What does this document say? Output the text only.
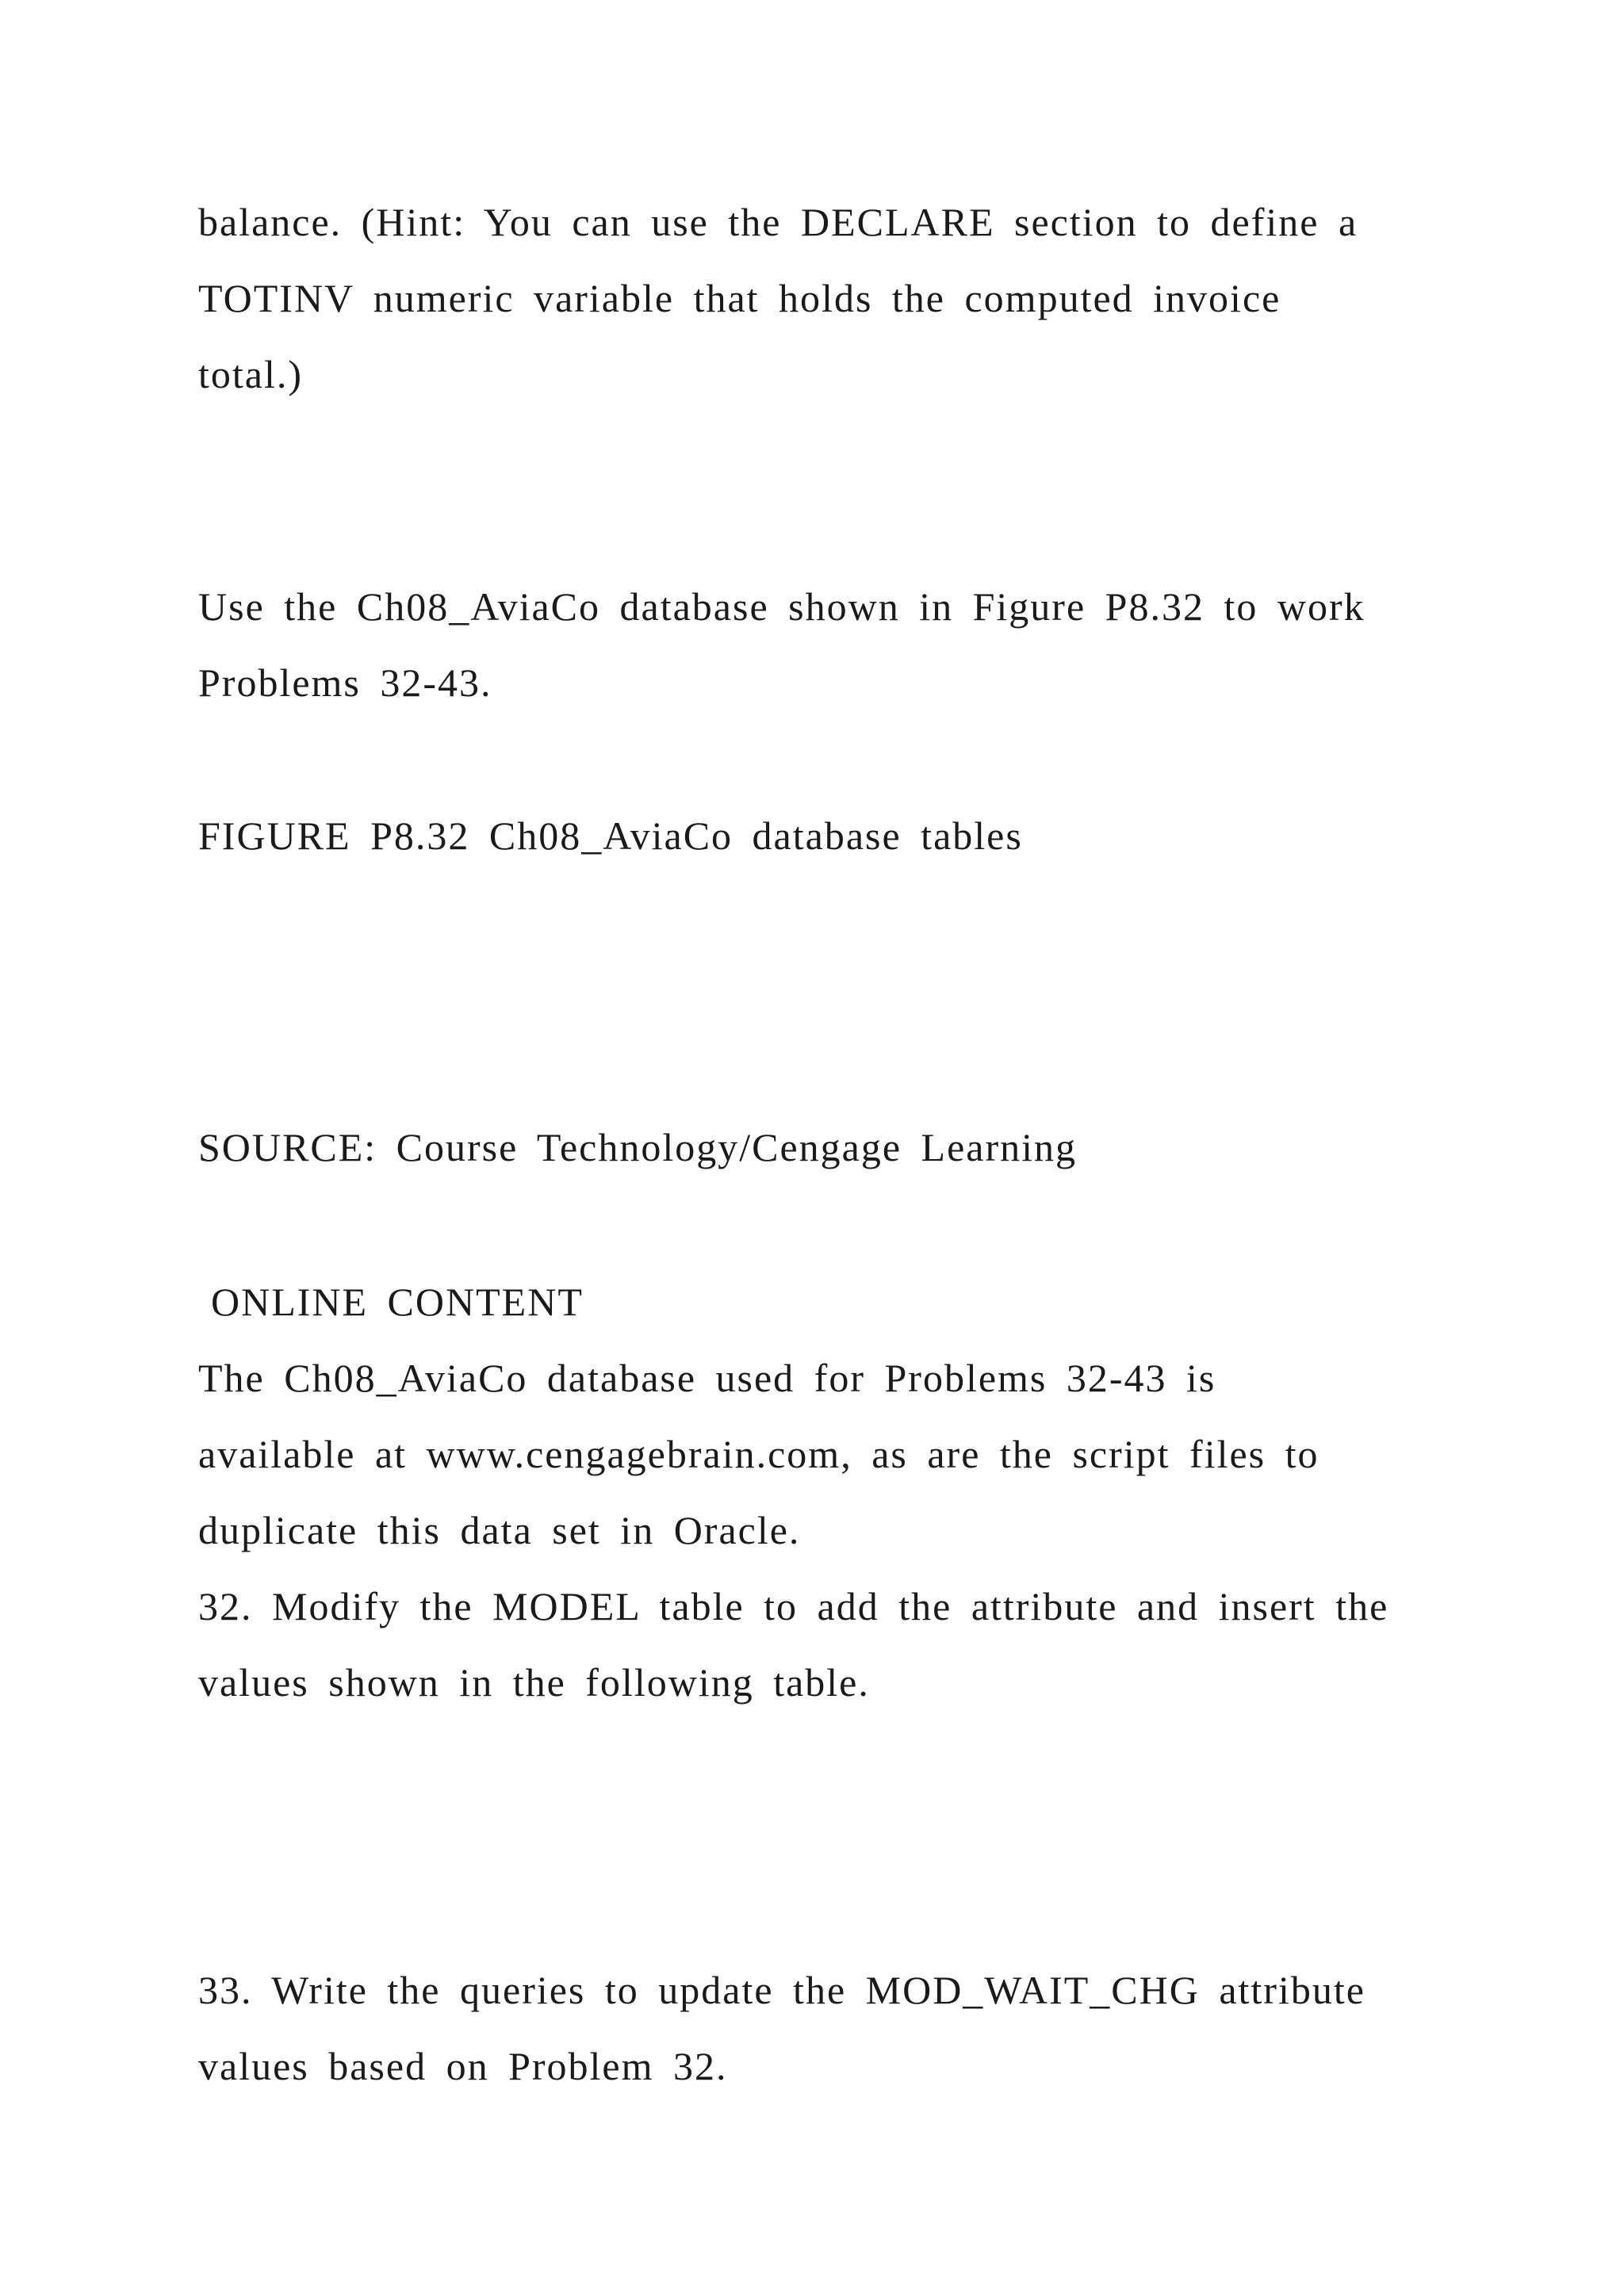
balance. (Hint: You can use the DECLARE section to define a
TOTINV numeric variable that holds the computed invoice
total.)
Use the Ch08_AviaCo database shown in Figure P8.32 to work
Problems 32-43.
FIGURE P8.32 Ch08_AviaCo database tables
SOURCE: Course Technology/Cengage Learning
ONLINE CONTENT
The Ch08_AviaCo database used for Problems 32-43 is
available at www.cengagebrain.com, as are the script files to
duplicate this data set in Oracle.
32. Modify the MODEL table to add the attribute and insert the
values shown in the following table.
33. Write the queries to update the MOD_WAIT_CHG attribute
values based on Problem 32.
